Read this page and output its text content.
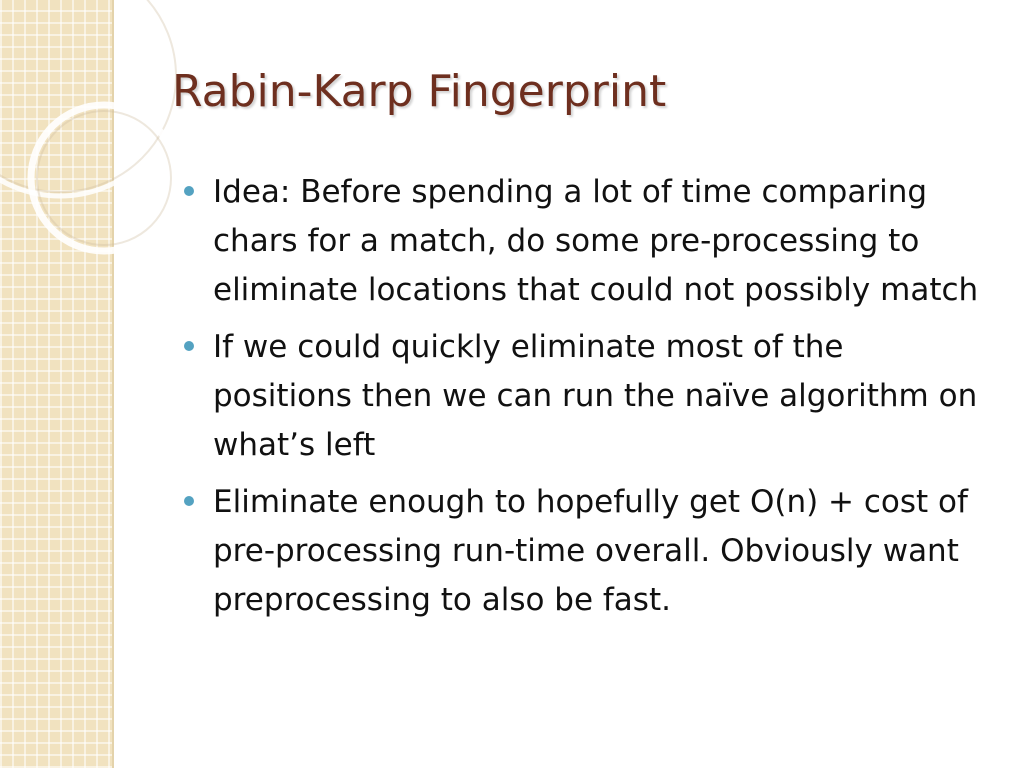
Rabin-Karp Fingerprint
Idea: Before spending a lot of time comparing chars for a match, do some pre-processing to eliminate locations that could not possibly match
If we could quickly eliminate most of the positions then we can run the naïve algorithm on what’s left
Eliminate enough to hopefully get O(n) + cost of pre-processing run-time overall. Obviously want preprocessing to also be fast.
